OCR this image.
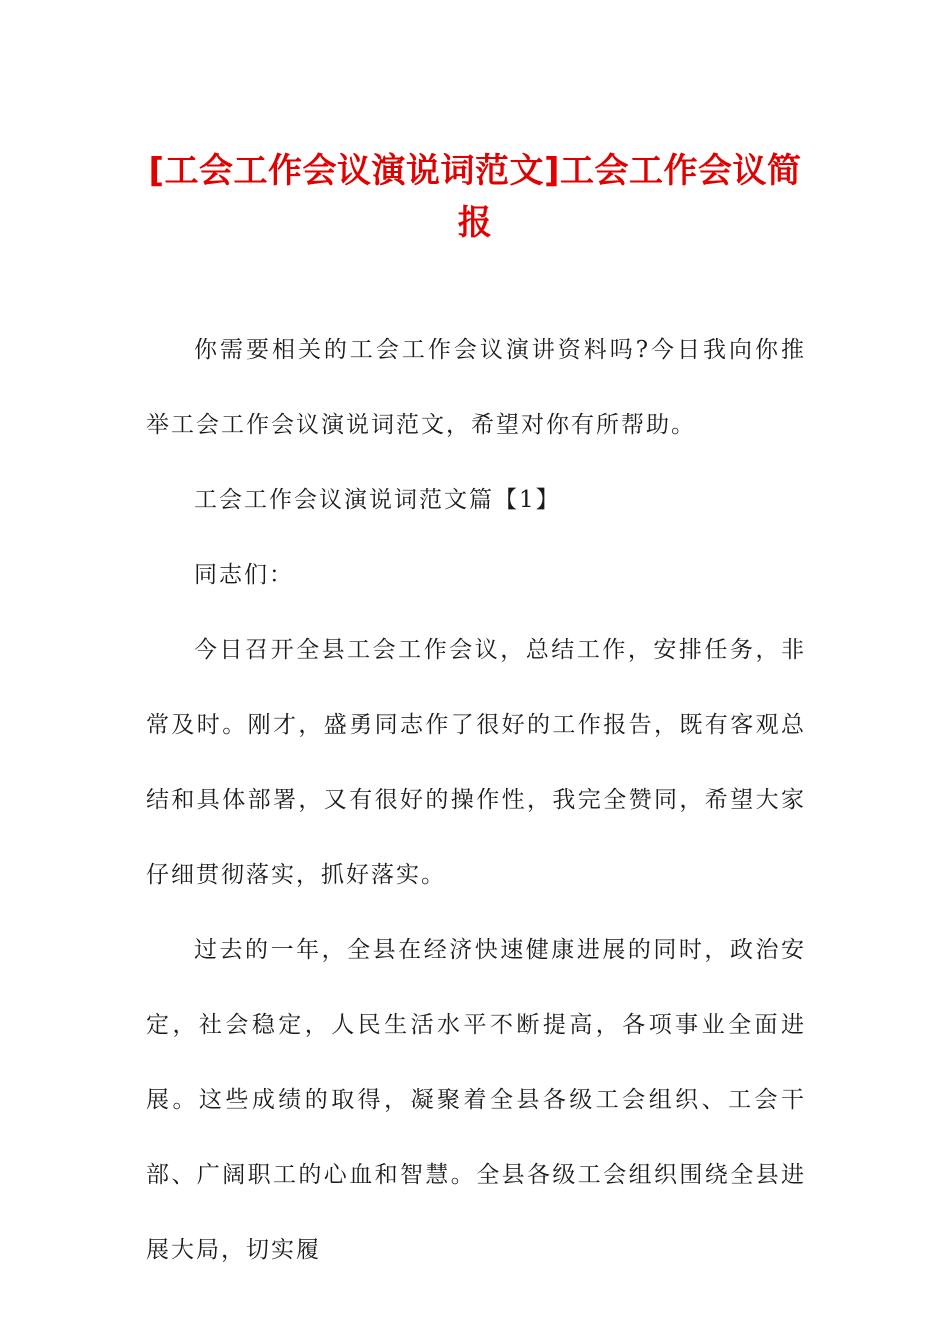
[工会工作会议演说词范文]工会工作会议简报

你需要相关的工会工作会议演讲资料吗?今日我向你推举工会工作会议演说词范文，希望对你有所帮助。

工会工作会议演说词范文篇【1】

同志们：

今日召开全县工会工作会议，总结工作，安排任务，非常及时。刚才，盛勇同志作了很好的工作报告，既有客观总结和具体部署，又有很好的操作性，我完全赞同，希望大家仔细贯彻落实，抓好落实。

过去的一年，全县在经济快速健康进展的同时，政治安定，社会稳定，人民生活水平不断提高，各项事业全面进展。这些成绩的取得，凝聚着全县各级工会组织、工会干部、广阔职工的心血和智慧。全县各级工会组织围绕全县进展大局，切实履
